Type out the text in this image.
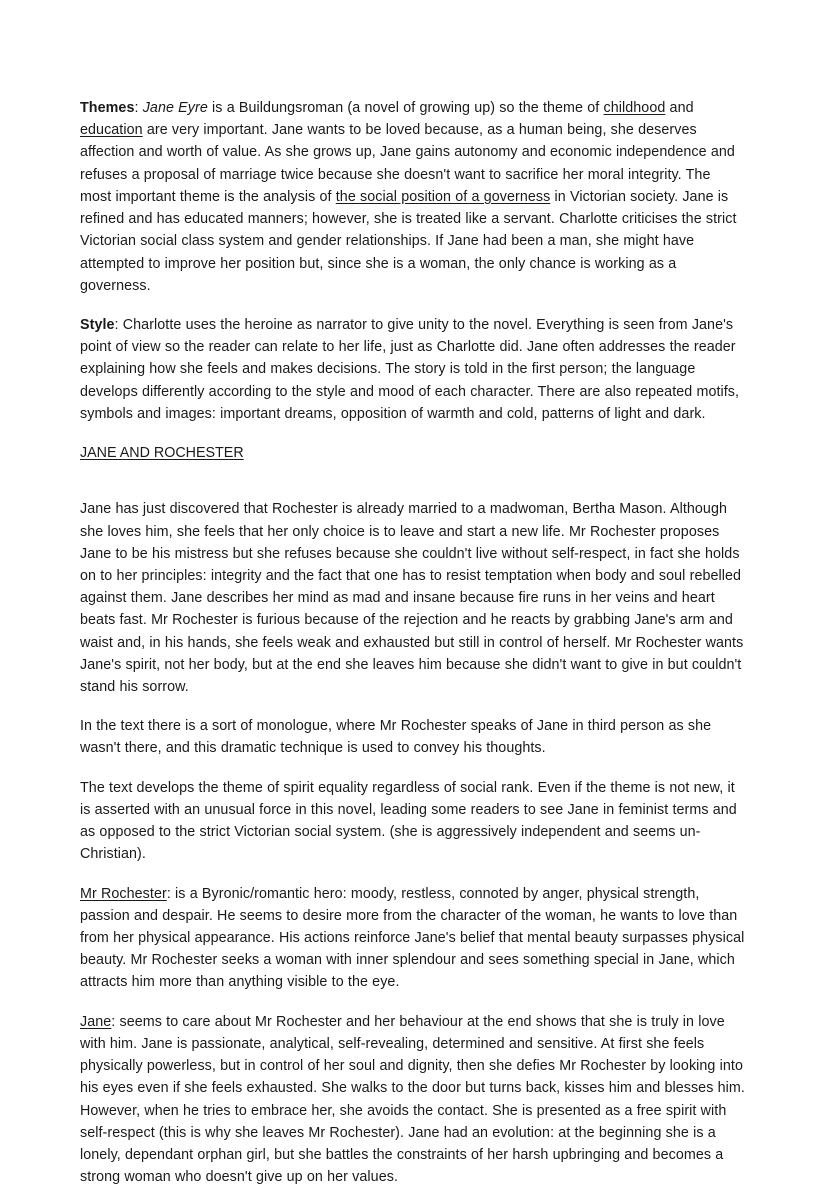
Themes: Jane Eyre is a Buildungsroman (a novel of growing up) so the theme of childhood and education are very important. Jane wants to be loved because, as a human being, she deserves affection and worth of value. As she grows up, Jane gains autonomy and economic independence and refuses a proposal of marriage twice because she doesn't want to sacrifice her moral integrity. The most important theme is the analysis of the social position of a governess in Victorian society. Jane is refined and has educated manners; however, she is treated like a servant. Charlotte criticises the strict Victorian social class system and gender relationships. If Jane had been a man, she might have attempted to improve her position but, since she is a woman, the only chance is working as a governess.

Style: Charlotte uses the heroine as narrator to give unity to the novel. Everything is seen from Jane's point of view so the reader can relate to her life, just as Charlotte did. Jane often addresses the reader explaining how she feels and makes decisions. The story is told in the first person; the language develops differently according to the style and mood of each character. There are also repeated motifs, symbols and images: important dreams, opposition of warmth and cold, patterns of light and dark.

JANE AND ROCHESTER

Jane has just discovered that Rochester is already married to a madwoman, Bertha Mason. Although she loves him, she feels that her only choice is to leave and start a new life. Mr Rochester proposes Jane to be his mistress but she refuses because she couldn't live without self-respect, in fact she holds on to her principles: integrity and the fact that one has to resist temptation when body and soul rebelled against them. Jane describes her mind as mad and insane because fire runs in her veins and heart beats fast. Mr Rochester is furious because of the rejection and he reacts by grabbing Jane's arm and waist and, in his hands, she feels weak and exhausted but still in control of herself. Mr Rochester wants Jane's spirit, not her body, but at the end she leaves him because she didn't want to give in but couldn't stand his sorrow.

In the text there is a sort of monologue, where Mr Rochester speaks of Jane in third person as she wasn't there, and this dramatic technique is used to convey his thoughts.

The text develops the theme of spirit equality regardless of social rank. Even if the theme is not new, it is asserted with an unusual force in this novel, leading some readers to see Jane in feminist terms and as opposed to the strict Victorian social system. (she is aggressively independent and seems un-Christian).

Mr Rochester: is a Byronic/romantic hero: moody, restless, connoted by anger, physical strength, passion and despair. He seems to desire more from the character of the woman, he wants to love than from her physical appearance. His actions reinforce Jane's belief that mental beauty surpasses physical beauty. Mr Rochester seeks a woman with inner splendour and sees something special in Jane, which attracts him more than anything visible to the eye.

Jane: seems to care about Mr Rochester and her behaviour at the end shows that she is truly in love with him. Jane is passionate, analytical, self-revealing, determined and sensitive. At first she feels physically powerless, but in control of her soul and dignity, then she defies Mr Rochester by looking into his eyes even if she feels exhausted. She walks to the door but turns back, kisses him and blesses him. However, when he tries to embrace her, she avoids the contact. She is presented as a free spirit with self-respect (this is why she leaves Mr Rochester). Jane had an evolution: at the beginning she is a lonely, dependant orphan girl, but she battles the constraints of her harsh upbringing and becomes a strong woman who doesn't give up on her values.
